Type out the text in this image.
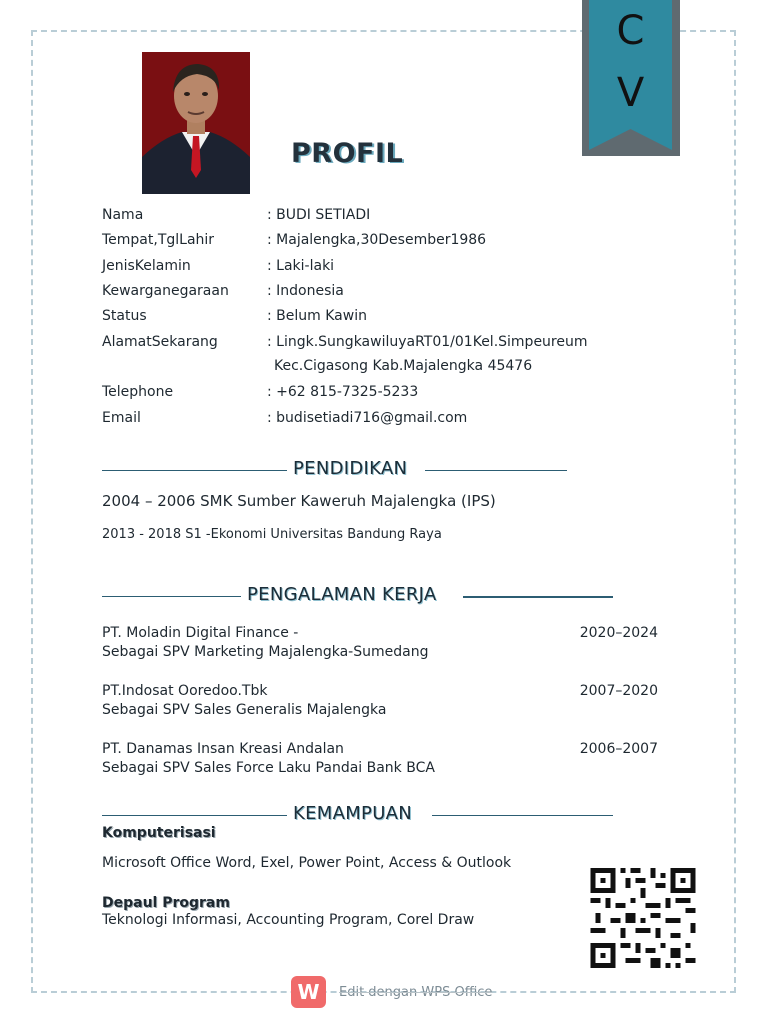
C
V
PROFIL
Nama	: BUDI SETIADI
Tempat,TglLahir	: Majalengka,30Desember1986
JenisKelamin	: Laki-laki
Kewarganegaraan	: Indonesia
Status	: Belum Kawin
AlamatSekarang	: Lingk.SungkawiluyaRT01/01Kel.Simpeureum
Kec.Cigasong Kab.Majalengka 45476
Telephone	: +62 815-7325-5233
Email	: budisetiadi716@gmail.com
PENDIDIKAN
2004 – 2006 SMK Sumber Kaweruh Majalengka (IPS)
2013 - 2018 S1 -Ekonomi Universitas Bandung Raya
PENGALAMAN KERJA
PT. Moladin Digital Finance -	2020–2024
Sebagai SPV Marketing Majalengka-Sumedang
PT.Indosat Ooredoo.Tbk	2007–2020
Sebagai SPV Sales Generalis Majalengka
PT. Danamas Insan Kreasi Andalan	2006–2007
Sebagai SPV Sales Force Laku Pandai Bank BCA
KEMAMPUAN
Komputerisasi
Microsoft Office Word, Exel, Power Point, Access & Outlook
Depaul Program
Teknologi Informasi, Accounting Program, Corel Draw
W	Edit dengan WPS Office
